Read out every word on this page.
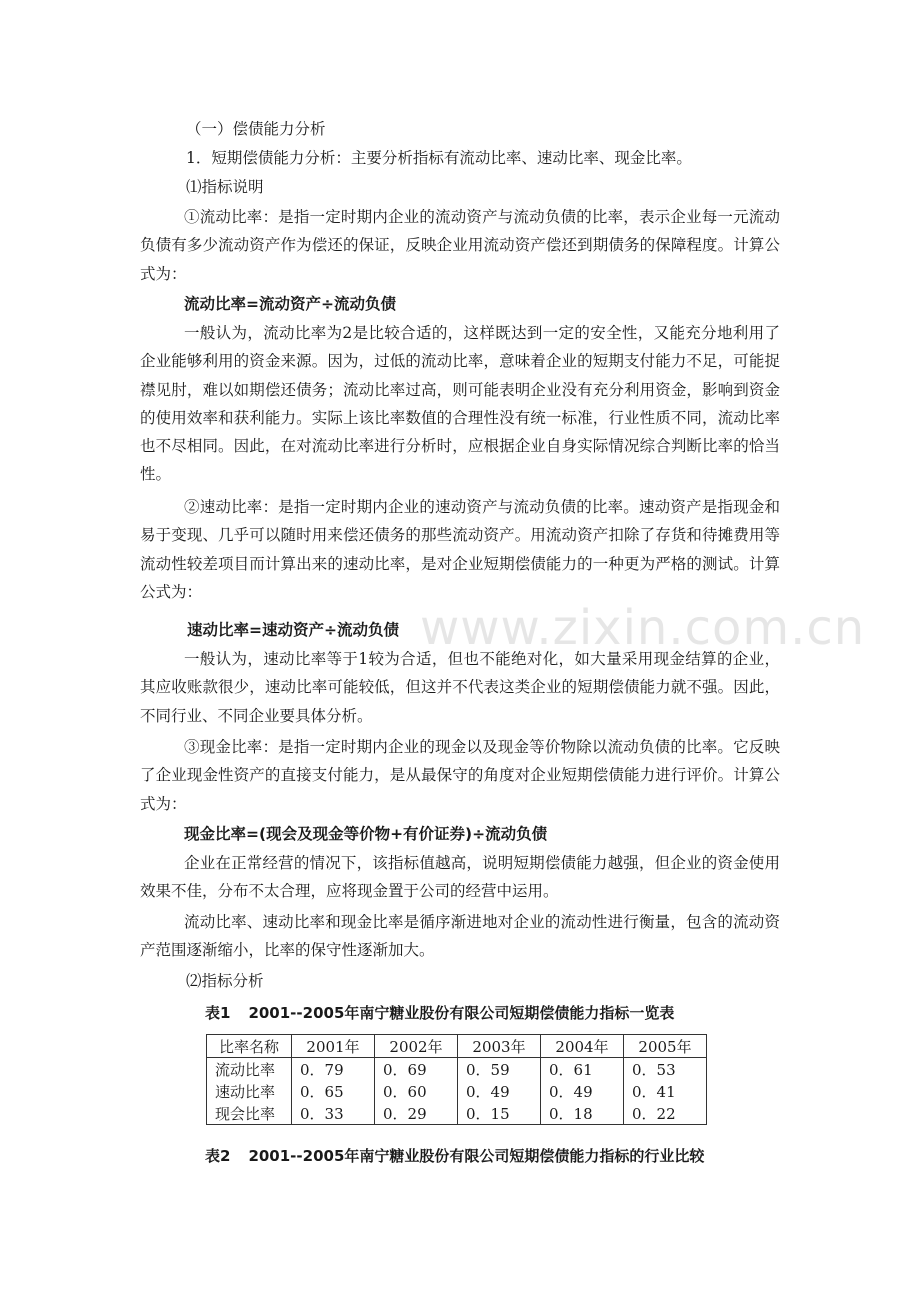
www.zixin.com.cn
（一）偿债能力分析
1．短期偿债能力分析：主要分析指标有流动比率、速动比率、现金比率。
⑴指标说明
①流动比率：是指一定时期内企业的流动资产与流动负债的比率，表示企业每一元流动负债有多少流动资产作为偿还的保证，反映企业用流动资产偿还到期债务的保障程度。计算公式为：
流动比率=流动资产÷流动负债
一般认为，流动比率为2是比较合适的，这样既达到一定的安全性，又能充分地利用了企业能够利用的资金来源。因为，过低的流动比率，意味着企业的短期支付能力不足，可能捉襟见肘，难以如期偿还债务；流动比率过高，则可能表明企业没有充分利用资金，影响到资金的使用效率和获利能力。实际上该比率数值的合理性没有统一标准，行业性质不同，流动比率也不尽相同。因此，在对流动比率进行分析时，应根据企业自身实际情况综合判断比率的恰当性。
②速动比率：是指一定时期内企业的速动资产与流动负债的比率。速动资产是指现金和易于变现、几乎可以随时用来偿还债务的那些流动资产。用流动资产扣除了存货和待摊费用等流动性较差项目而计算出来的速动比率，是对企业短期偿债能力的一种更为严格的测试。计算公式为：
速动比率=速动资产÷流动负债
一般认为，速动比率等于1较为合适，但也不能绝对化，如大量采用现金结算的企业，其应收账款很少，速动比率可能较低，但这并不代表这类企业的短期偿债能力就不强。因此，不同行业、不同企业要具体分析。
③现金比率：是指一定时期内企业的现金以及现金等价物除以流动负债的比率。它反映了企业现金性资产的直接支付能力，是从最保守的角度对企业短期偿债能力进行评价。计算公式为：
现金比率=(现会及现金等价物+有价证券)÷流动负债
企业在正常经营的情况下，该指标值越高，说明短期偿债能力越强，但企业的资金使用效果不佳，分布不太合理，应将现金置于公司的经营中运用。
流动比率、速动比率和现金比率是循序渐进地对企业的流动性进行衡量，包含的流动资产范围逐渐缩小，比率的保守性逐渐加大。
⑵指标分析
表1 2001--2005年南宁糖业股份有限公司短期偿债能力指标一览表
比率名称	2001年	2002年	2003年	2004年	2005年
流动比率	0．79	0．69	0．59	0．61	0．53
速动比率	0．65	0．60	0．49	0．49	0．41
现会比率	0．33	0．29	0．15	0．18	0．22
表2 2001--2005年南宁糖业股份有限公司短期偿债能力指标的行业比较
